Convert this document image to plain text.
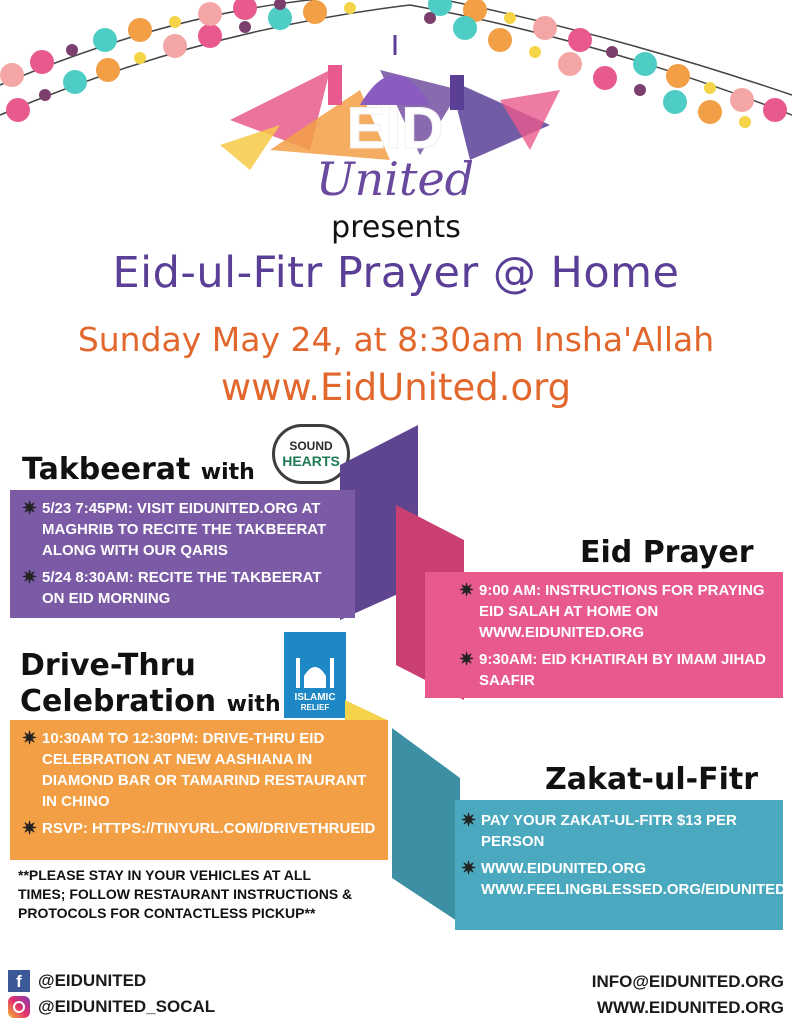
EID
United
presents
Eid-ul-Fitr Prayer @ Home
Sunday May 24, at 8:30am Insha'Allah
www.EidUnited.org
Takbeerat with
SOUND
HEARTS
✷ 5/23 7:45PM: VISIT EIDUNITED.ORG AT MAGHRIB TO RECITE THE TAKBEERAT ALONG WITH OUR QARIS
✷ 5/24 8:30AM: RECITE THE TAKBEERAT ON EID MORNING
Eid Prayer
✷ 9:00 AM: INSTRUCTIONS FOR PRAYING EID SALAH AT HOME ON WWW.EIDUNITED.ORG
✷ 9:30AM: EID KHATIRAH BY IMAM JIHAD SAAFIR
Drive-Thru
Celebration with ISLAMIC
RELIEF
✷ 10:30AM TO 12:30PM: DRIVE-THRU EID CELEBRATION AT NEW AASHIANA IN DIAMOND BAR OR TAMARIND RESTAURANT IN CHINO
✷ RSVP: HTTPS://TINYURL.COM/DRIVETHRUEID
Zakat-ul-Fitr
✷ PAY YOUR ZAKAT-UL-FITR $13 PER PERSON
✷ WWW.EIDUNITED.ORG WWW.FEELINGBLESSED.ORG/EIDUNITED
**PLEASE STAY IN YOUR VEHICLES AT ALL TIMES; FOLLOW RESTAURANT INSTRUCTIONS & PROTOCOLS FOR CONTACTLESS PICKUP**
f @EIDUNITED
@EIDUNITED_SOCAL
INFO@EIDUNITED.ORG
WWW.EIDUNITED.ORG
